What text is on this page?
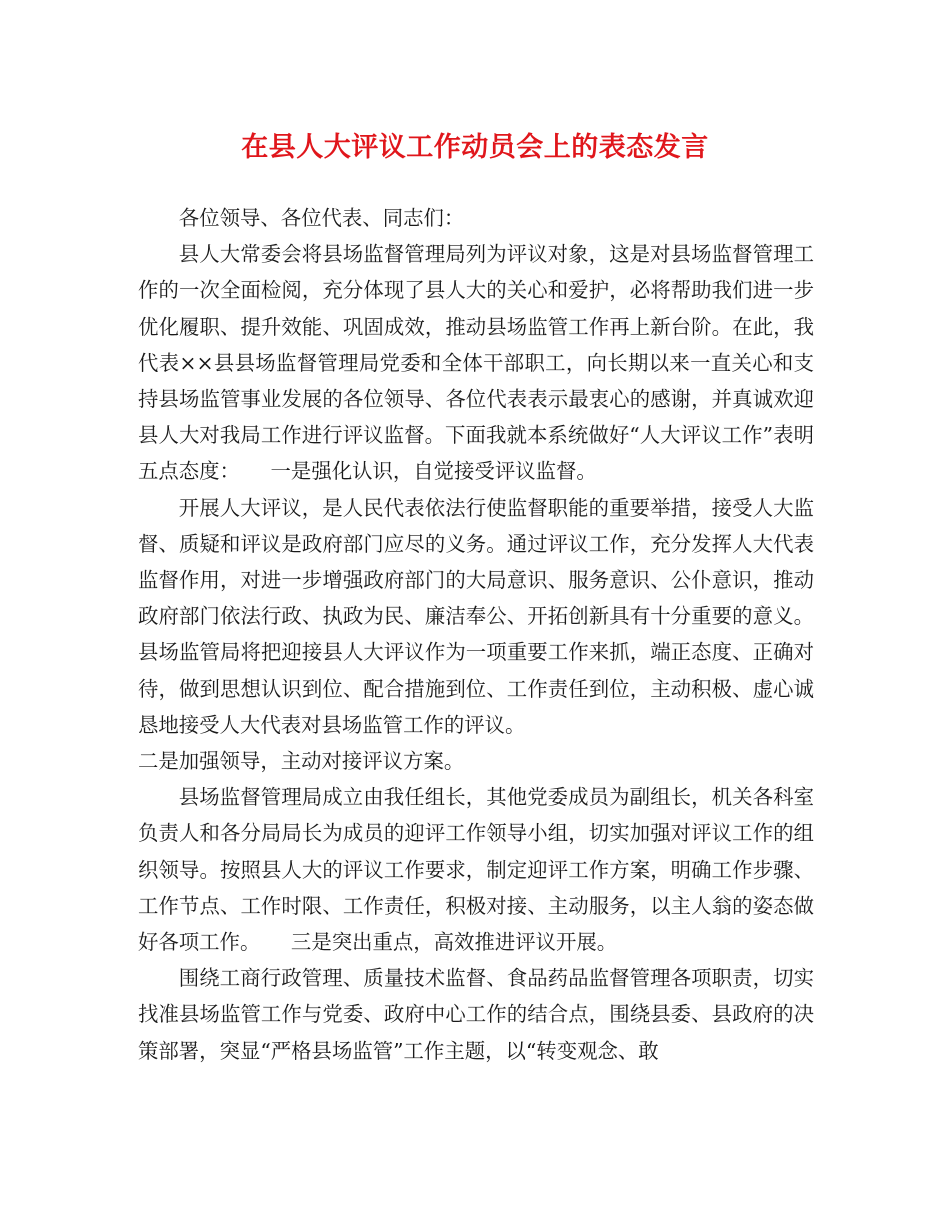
在县人大评议工作动员会上的表态发言

各位领导、各位代表、同志们：

县人大常委会将县场监督管理局列为评议对象，这是对县场监督管理工作的一次全面检阅，充分体现了县人大的关心和爱护，必将帮助我们进一步优化履职、提升效能、巩固成效，推动县场监管工作再上新台阶。在此，我代表××县县场监督管理局党委和全体干部职工，向长期以来一直关心和支持县场监管事业发展的各位领导、各位代表表示最衷心的感谢，并真诚欢迎县人大对我局工作进行评议监督。下面我就本系统做好“人大评议工作”表明五点态度：　　一是强化认识，自觉接受评议监督。

开展人大评议，是人民代表依法行使监督职能的重要举措，接受人大监督、质疑和评议是政府部门应尽的义务。通过评议工作，充分发挥人大代表监督作用，对进一步增强政府部门的大局意识、服务意识、公仆意识，推动政府部门依法行政、执政为民、廉洁奉公、开拓创新具有十分重要的意义。县场监管局将把迎接县人大评议作为一项重要工作来抓，端正态度、正确对待，做到思想认识到位、配合措施到位、工作责任到位，主动积极、虚心诚恳地接受人大代表对县场监管工作的评议。

二是加强领导，主动对接评议方案。

县场监督管理局成立由我任组长，其他党委成员为副组长，机关各科室负责人和各分局局长为成员的迎评工作领导小组，切实加强对评议工作的组织领导。按照县人大的评议工作要求，制定迎评工作方案，明确工作步骤、工作节点、工作时限、工作责任，积极对接、主动服务，以主人翁的姿态做好各项工作。　　三是突出重点，高效推进评议开展。

围绕工商行政管理、质量技术监督、食品药品监督管理各项职责，切实找准县场监管工作与党委、政府中心工作的结合点，围绕县委、县政府的决策部署，突显“严格县场监管”工作主题，以“转变观念、敢
